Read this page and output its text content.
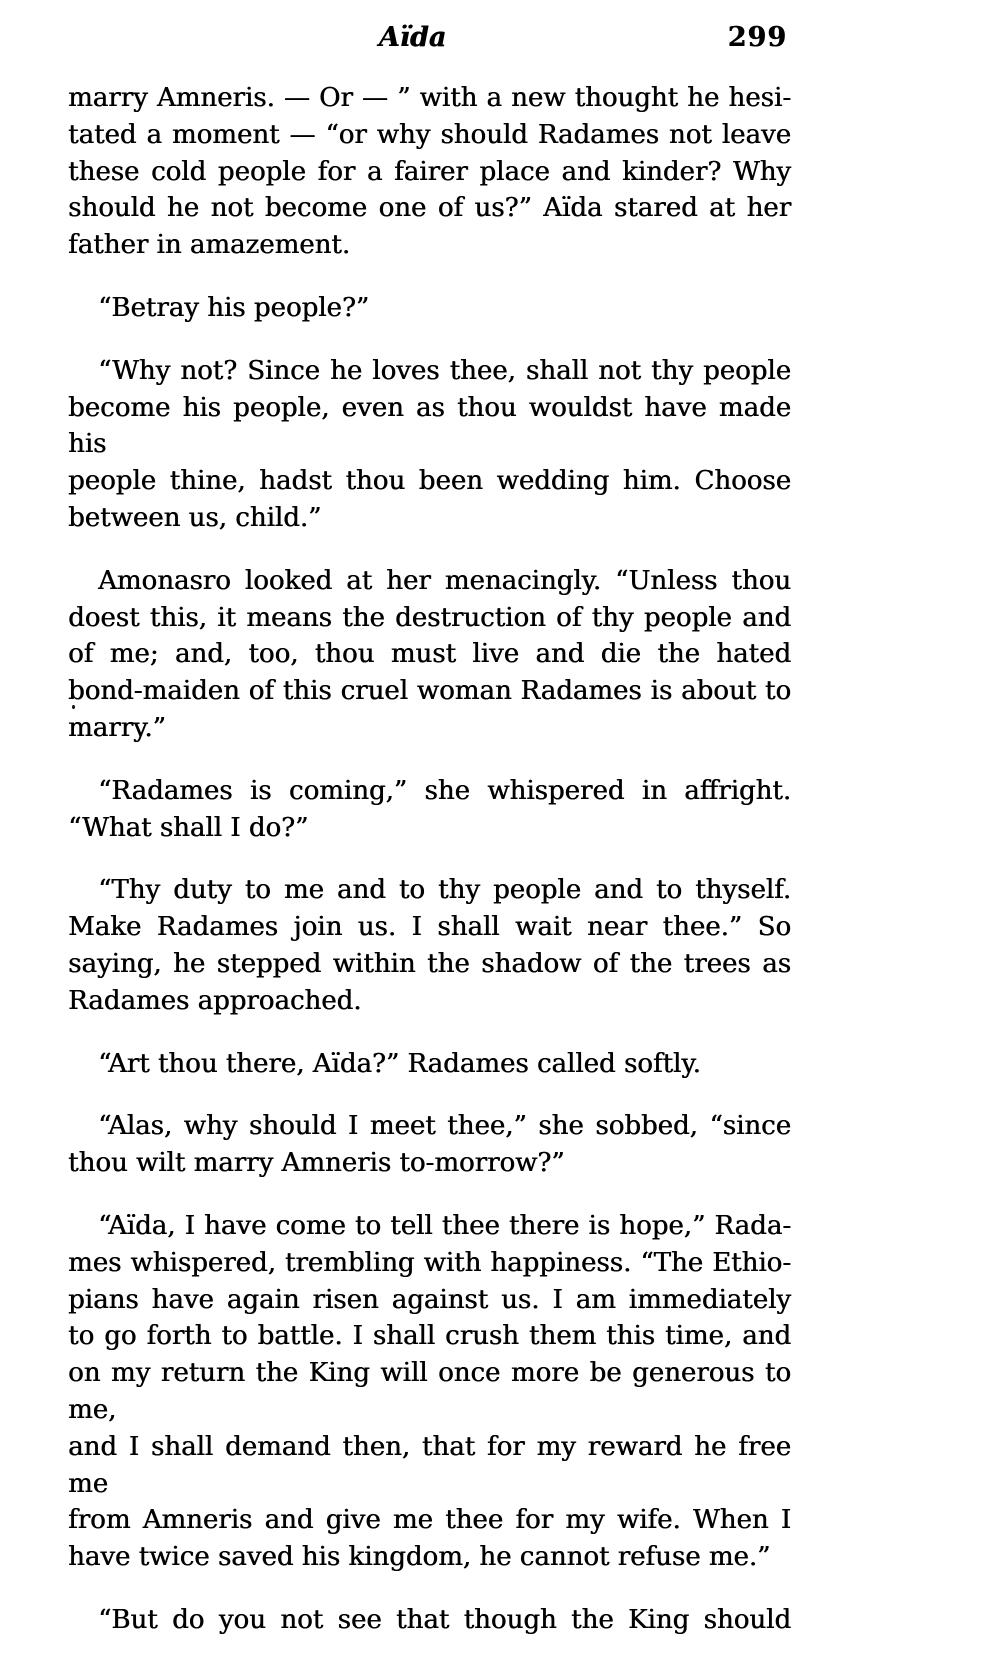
Aïda	299

marry Amneris. — Or — ” with a new thought he hesi-
tated a moment — “or why should Radames not leave
these cold people for a fairer place and kinder? Why
should he not become one of us?” Aïda stared at her
father in amazement.

“Betray his people?”

“Why not? Since he loves thee, shall not thy people
become his people, even as thou wouldst have made his
people thine, hadst thou been wedding him. Choose
between us, child.”

Amonasro looked at her menacingly. “Unless thou
doest this, it means the destruction of thy people and
of me; and, too, thou must live and die the hated
bond-maiden of this cruel woman Radames is about to
marry.”

“Radames is coming,” she whispered in affright.
“What shall I do?”

“Thy duty to me and to thy people and to thyself.
Make Radames join us. I shall wait near thee.” So
saying, he stepped within the shadow of the trees as
Radames approached.

“Art thou there, Aïda?” Radames called softly.

“Alas, why should I meet thee,” she sobbed, “since
thou wilt marry Amneris to-morrow?”

“Aïda, I have come to tell thee there is hope,” Rada-
mes whispered, trembling with happiness. “The Ethio-
pians have again risen against us. I am immediately
to go forth to battle. I shall crush them this time, and
on my return the King will once more be generous to me,
and I shall demand then, that for my reward he free me
from Amneris and give me thee for my wife. When I
have twice saved his kingdom, he cannot refuse me.”

“But do you not see that though the King should
